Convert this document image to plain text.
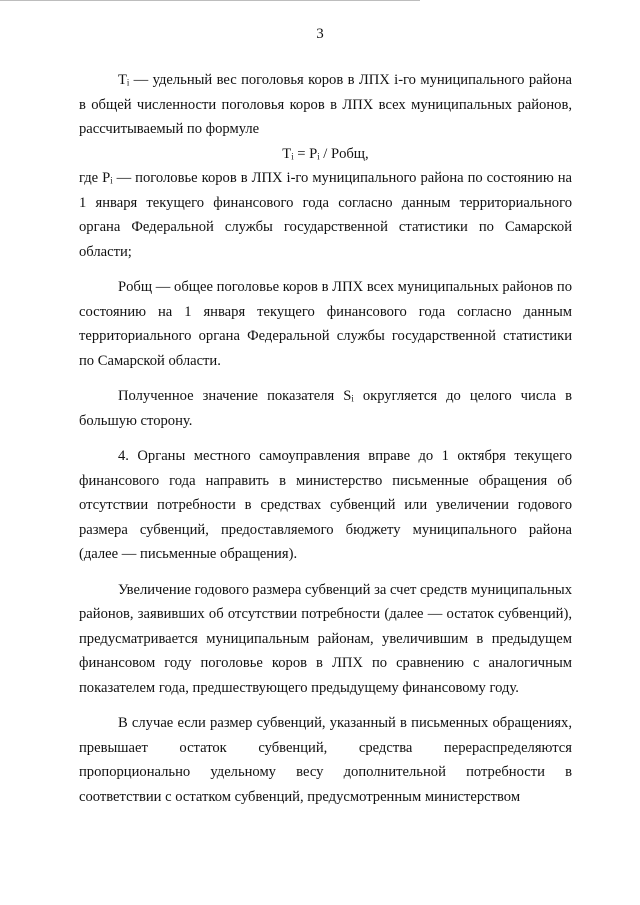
3

Tᵢ — удельный вес поголовья коров в ЛПХ i-го муниципального района в общей численности поголовья коров в ЛПХ всех муниципальных районов, рассчитываемый по формуле

Tᵢ = Pᵢ / Pобщ,

где Pᵢ — поголовье коров в ЛПХ i-го муниципального района по состоянию на 1 января текущего финансового года согласно данным территориального органа Федеральной службы государственной статистики по Самарской области;

Pобщ — общее поголовье коров в ЛПХ всех муниципальных районов по состоянию на 1 января текущего финансового года согласно данным территориального органа Федеральной службы государственной статистики по Самарской области.

Полученное значение показателя Sᵢ округляется до целого числа в большую сторону.

4. Органы местного самоуправления вправе до 1 октября текущего финансового года направить в министерство письменные обращения об отсутствии потребности в средствах субвенций или увеличении годового размера субвенций, предоставляемого бюджету муниципального района (далее — письменные обращения).

Увеличение годового размера субвенций за счет средств муниципальных районов, заявивших об отсутствии потребности (далее — остаток субвенций), предусматривается муниципальным районам, увеличившим в предыдущем финансовом году поголовье коров в ЛПХ по сравнению с аналогичным показателем года, предшествующего предыдущему финансовому году.

В случае если размер субвенций, указанный в письменных обращениях, превышает остаток субвенций, средства перераспределяются пропорционально удельному весу дополнительной потребности в соответствии с остатком субвенций, предусмотренным министерством
